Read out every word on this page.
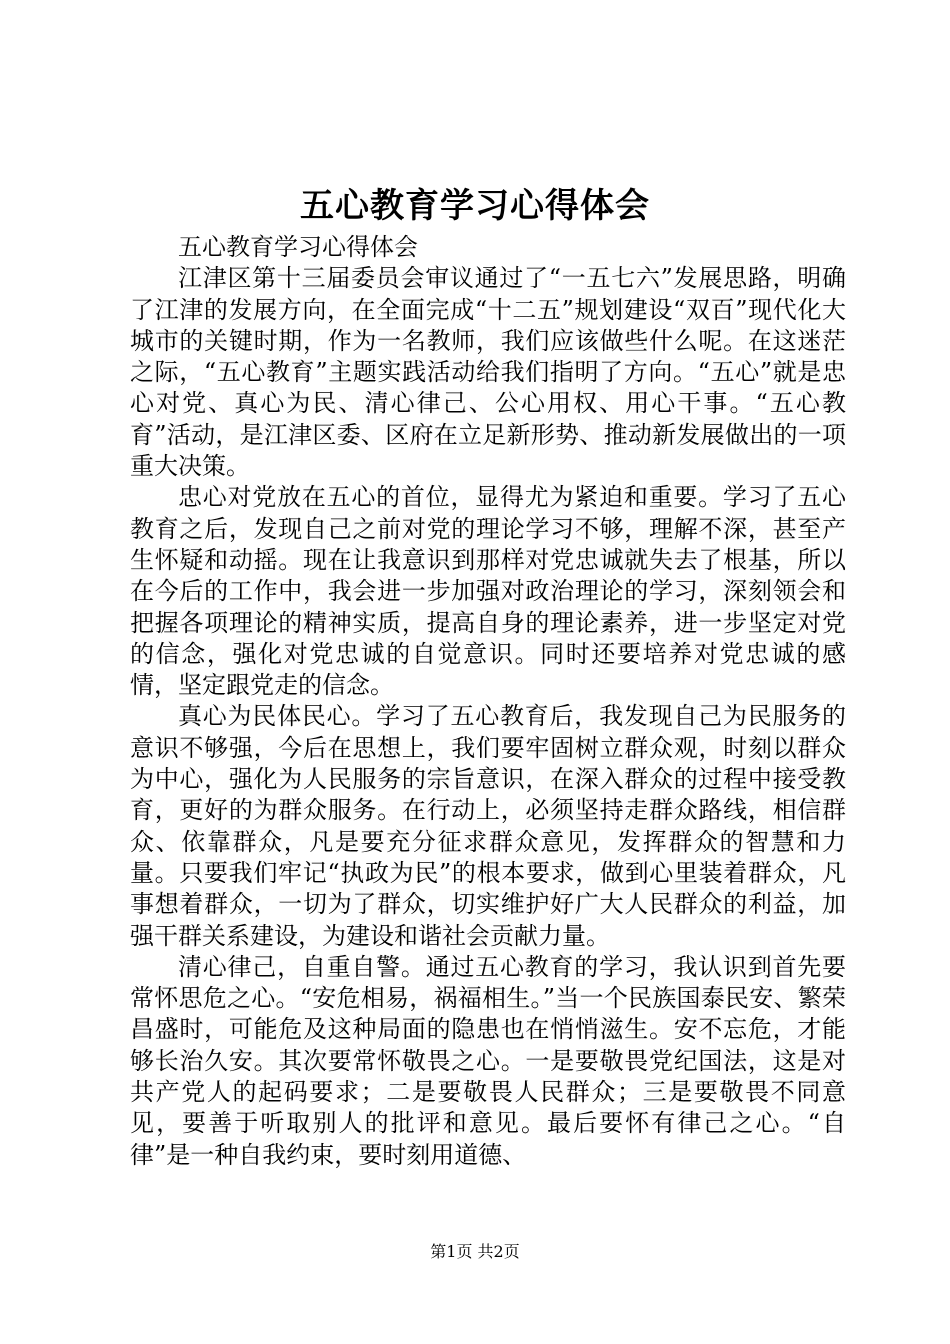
五心教育学习心得体会

五心教育学习心得体会

江津区第十三届委员会审议通过了“一五七六”发展思路，明确了江津的发展方向，在全面完成“十二五”规划建设“双百”现代化大城市的关键时期，作为一名教师，我们应该做些什么呢。在这迷茫之际，“五心教育”主题实践活动给我们指明了方向。“五心”就是忠心对党、真心为民、清心律己、公心用权、用心干事。“五心教育”活动，是江津区委、区府在立足新形势、推动新发展做出的一项重大决策。

忠心对党放在五心的首位，显得尤为紧迫和重要。学习了五心教育之后，发现自己之前对党的理论学习不够，理解不深，甚至产生怀疑和动摇。现在让我意识到那样对党忠诚就失去了根基，所以在今后的工作中，我会进一步加强对政治理论的学习，深刻领会和把握各项理论的精神实质，提高自身的理论素养，进一步坚定对党的信念，强化对党忠诚的自觉意识。同时还要培养对党忠诚的感情，坚定跟党走的信念。

真心为民体民心。学习了五心教育后，我发现自己为民服务的意识不够强，今后在思想上，我们要牢固树立群众观，时刻以群众为中心，强化为人民服务的宗旨意识，在深入群众的过程中接受教育，更好的为群众服务。在行动上，必须坚持走群众路线，相信群众、依靠群众，凡是要充分征求群众意见，发挥群众的智慧和力量。只要我们牢记“执政为民”的根本要求，做到心里装着群众，凡事想着群众，一切为了群众，切实维护好广大人民群众的利益，加强干群关系建设，为建设和谐社会贡献力量。

清心律己，自重自警。通过五心教育的学习，我认识到首先要常怀思危之心。“安危相易，祸福相生。”当一个民族国泰民安、繁荣昌盛时，可能危及这种局面的隐患也在悄悄滋生。安不忘危，才能够长治久安。其次要常怀敬畏之心。一是要敬畏党纪国法，这是对共产党人的起码要求；二是要敬畏人民群众；三是要敬畏不同意见，要善于听取别人的批评和意见。最后要怀有律己之心。“自律”是一种自我约束，要时刻用道德、

第1页 共2页
